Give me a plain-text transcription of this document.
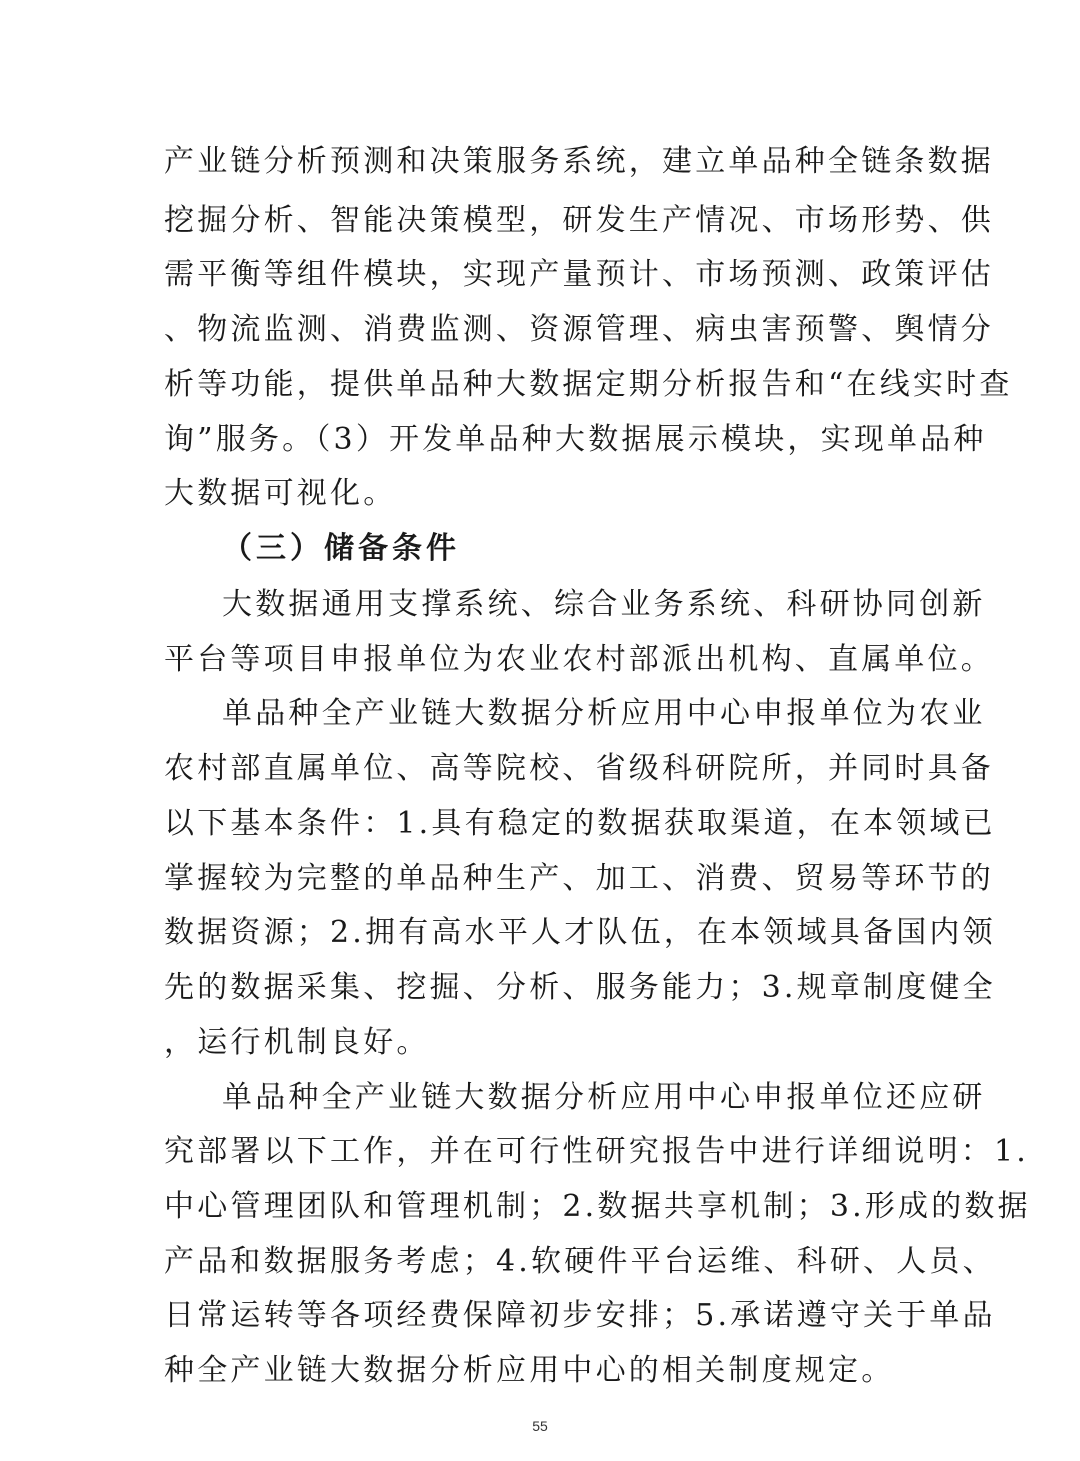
产业链分析预测和决策服务系统，建立单品种全链条数据
挖掘分析、智能决策模型，研发生产情况、市场形势、供
需平衡等组件模块，实现产量预计、市场预测、政策评估
、物流监测、消费监测、资源管理、病虫害预警、舆情分
析等功能，提供单品种大数据定期分析报告和“在线实时查
询”服务。（3）开发单品种大数据展示模块，实现单品种
大数据可视化。
（三）储备条件
大数据通用支撑系统、综合业务系统、科研协同创新
平台等项目申报单位为农业农村部派出机构、直属单位。
单品种全产业链大数据分析应用中心申报单位为农业
农村部直属单位、高等院校、省级科研院所，并同时具备
以下基本条件：1.具有稳定的数据获取渠道，在本领域已
掌握较为完整的单品种生产、加工、消费、贸易等环节的
数据资源；2.拥有高水平人才队伍，在本领域具备国内领
先的数据采集、挖掘、分析、服务能力；3.规章制度健全
，运行机制良好。
单品种全产业链大数据分析应用中心申报单位还应研
究部署以下工作，并在可行性研究报告中进行详细说明：1.
中心管理团队和管理机制；2.数据共享机制；3.形成的数据
产品和数据服务考虑；4.软硬件平台运维、科研、人员、
日常运转等各项经费保障初步安排；5.承诺遵守关于单品
种全产业链大数据分析应用中心的相关制度规定。
55
